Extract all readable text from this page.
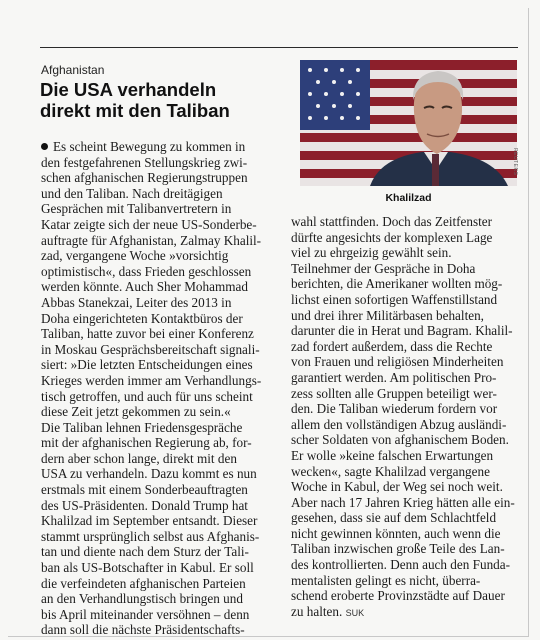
Afghanistan
Die USA verhandeln
direkt mit den Taliban
REUTERS
Khalilzad
Es scheint Bewegung zu kommen in
den festgefahrenen Stellungskrieg zwi-
schen afghanischen Regierungstruppen
und den Taliban. Nach dreitägigen
Gesprächen mit Talibanvertretern in
Katar zeigte sich der neue US-Sonderbe-
auftragte für Afghanistan, Zalmay Khalil-
zad, vergangene Woche »vorsichtig
optimistisch«, dass Frieden geschlossen
werden könnte. Auch Sher Mohammad
Abbas Stanekzai, Leiter des 2013 in
Doha eingerichteten Kontaktbüros der
Taliban, hatte zuvor bei einer Konferenz
in Moskau Gesprächsbereitschaft signali-
siert: »Die letzten Entscheidungen eines
Krieges werden immer am Verhandlungs-
tisch getroffen, und auch für uns scheint
diese Zeit jetzt gekommen zu sein.«
Die Taliban lehnen Friedensgespräche
mit der afghanischen Regierung ab, for-
dern aber schon lange, direkt mit den
USA zu verhandeln. Dazu kommt es nun
erstmals mit einem Sonderbeauftragten
des US-Präsidenten. Donald Trump hat
Khalilzad im September entsandt. Dieser
stammt ursprünglich selbst aus Afghanis-
tan und diente nach dem Sturz der Tali-
ban als US-Botschafter in Kabul. Er soll
die verfeindeten afghanischen Parteien
an den Verhandlungstisch bringen und
bis April miteinander versöhnen – denn
dann soll die nächste Präsidentschafts-
wahl stattfinden. Doch das Zeitfenster
dürfte angesichts der komplexen Lage
viel zu ehrgeizig gewählt sein.
Teilnehmer der Gespräche in Doha
berichten, die Amerikaner wollten mög-
lichst einen sofortigen Waffenstillstand
und drei ihrer Militärbasen behalten,
darunter die in Herat und Bagram. Khalil-
zad fordert außerdem, dass die Rechte
von Frauen und religiösen Minderheiten
garantiert werden. Am politischen Pro-
zess sollten alle Gruppen beteiligt wer-
den. Die Taliban wiederum fordern vor
allem den vollständigen Abzug ausländi-
scher Soldaten von afghanischem Boden.
Er wolle »keine falschen Erwartungen
wecken«, sagte Khalilzad vergangene
Woche in Kabul, der Weg sei noch weit.
Aber nach 17 Jahren Krieg hätten alle ein-
gesehen, dass sie auf dem Schlachtfeld
nicht gewinnen könnten, auch wenn die
Taliban inzwischen große Teile des Lan-
des kontrollierten. Denn auch den Funda-
mentalisten gelingt es nicht, überra-
schend eroberte Provinzstädte auf Dauer
zu halten. SUK
